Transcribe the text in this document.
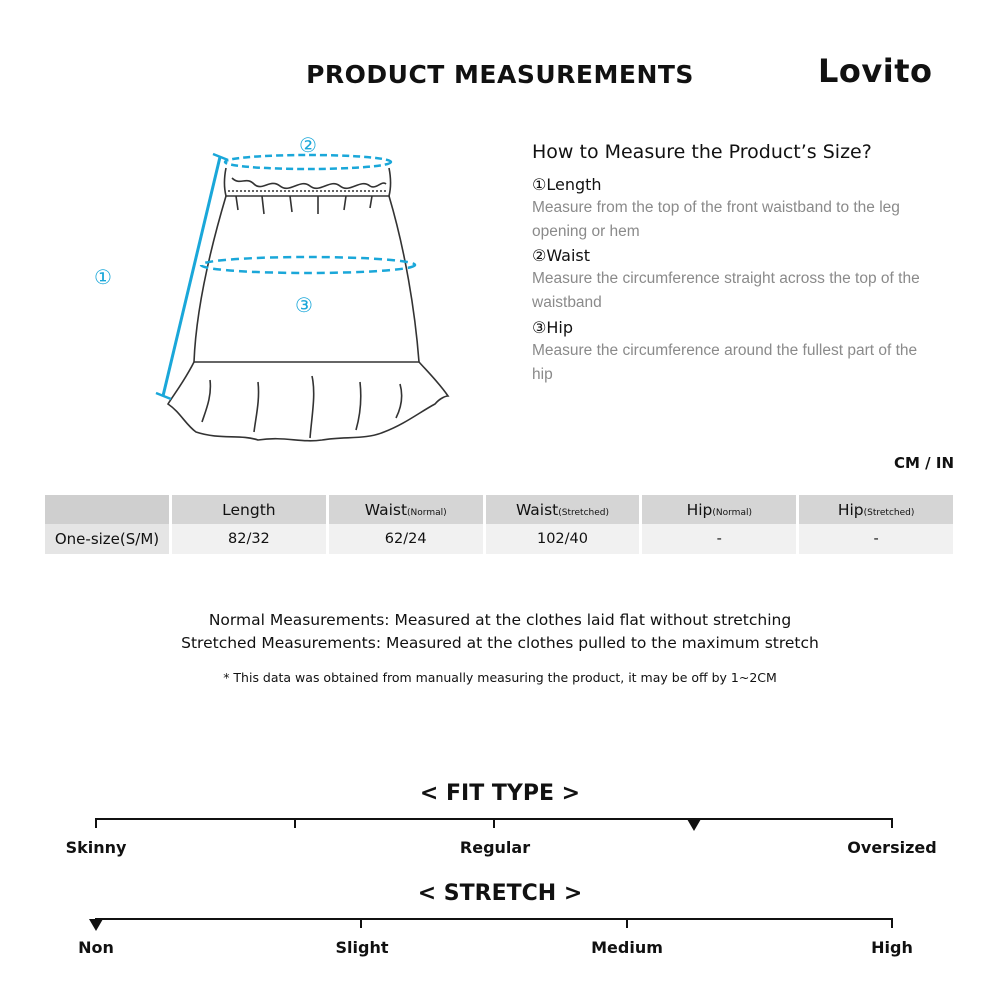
PRODUCT MEASUREMENTS	Lovito
①
②
③
How to Measure the Product’s Size?
①Length
Measure from the top of the front waistband to the leg opening or hem
②Waist
Measure the circumference straight across the top of the waistband
③Hip
Measure the circumference around the fullest part of the hip
CM / IN
	Length	Waist(Normal)	Waist(Stretched)	Hip(Normal)	Hip(Stretched)
One-size(S/M)	82/32	62/24	102/40	-	-
Normal Measurements: Measured at the clothes laid flat without stretching
Stretched Measurements: Measured at the clothes pulled to the maximum stretch
* This data was obtained from manually measuring the product, it may be off by 1~2CM
< FIT TYPE >
Skinny	Regular	Oversized
< STRETCH >
Non	Slight	Medium	High
